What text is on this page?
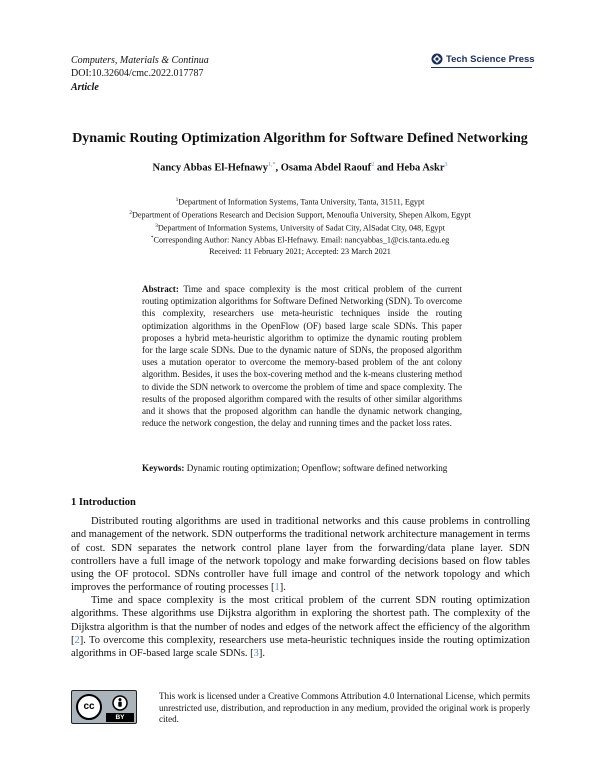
Computers, Materials & Continua
DOI:10.32604/cmc.2022.017787
Article
Tech Science Press
Dynamic Routing Optimization Algorithm for Software Defined Networking
Nancy Abbas El-Hefnawy$^{1,*}$, Osama Abdel Raouf$^2$ and Heba Askr$^3$
$^1$Department of Information Systems, Tanta University, Tanta, 31511, Egypt
$^2$Department of Operations Research and Decision Support, Menoufia University, Shepen Alkom, Egypt
$^3$Department of Information Systems, University of Sadat City, AlSadat City, 048, Egypt
*Corresponding Author: Nancy Abbas El-Hefnawy. Email: nancyabbas_1@cis.tanta.edu.eg
Received: 11 February 2021; Accepted: 23 March 2021
Abstract: Time and space complexity is the most critical problem of the current routing optimization algorithms for Software Defined Networking (SDN). To overcome this complexity, researchers use meta-heuristic techniques inside the routing optimization algorithms in the OpenFlow (OF) based large scale SDNs. This paper proposes a hybrid meta-heuristic algorithm to optimize the dynamic routing problem for the large scale SDNs. Due to the dynamic nature of SDNs, the proposed algorithm uses a mutation operator to overcome the memory-based problem of the ant colony algorithm. Besides, it uses the box-covering method and the k-means clustering method to divide the SDN network to overcome the problem of time and space complexity. The results of the proposed algorithm compared with the results of other similar algorithms and it shows that the proposed algorithm can handle the dynamic network changing, reduce the network congestion, the delay and running times and the packet loss rates.
Keywords: Dynamic routing optimization; Openflow; software defined networking
1 Introduction
Distributed routing algorithms are used in traditional networks and this cause problems in controlling and management of the network. SDN outperforms the traditional network architecture management in terms of cost. SDN separates the network control plane layer from the forwarding/data plane layer. SDN controllers have a full image of the network topology and make forwarding decisions based on flow tables using the OF protocol. SDNs controller have full image and control of the network topology and which improves the performance of routing processes [1].
Time and space complexity is the most critical problem of the current SDN routing optimization algorithms. These algorithms use Dijkstra algorithm in exploring the shortest path. The complexity of the Dijkstra algorithm is that the number of nodes and edges of the network affect the efficiency of the algorithm [2]. To overcome this complexity, researchers use meta-heuristic techniques inside the routing optimization algorithms in OF-based large scale SDNs. [3].
cc
BY
This work is licensed under a Creative Commons Attribution 4.0 International License, which permits unrestricted use, distribution, and reproduction in any medium, provided the original work is properly cited.
